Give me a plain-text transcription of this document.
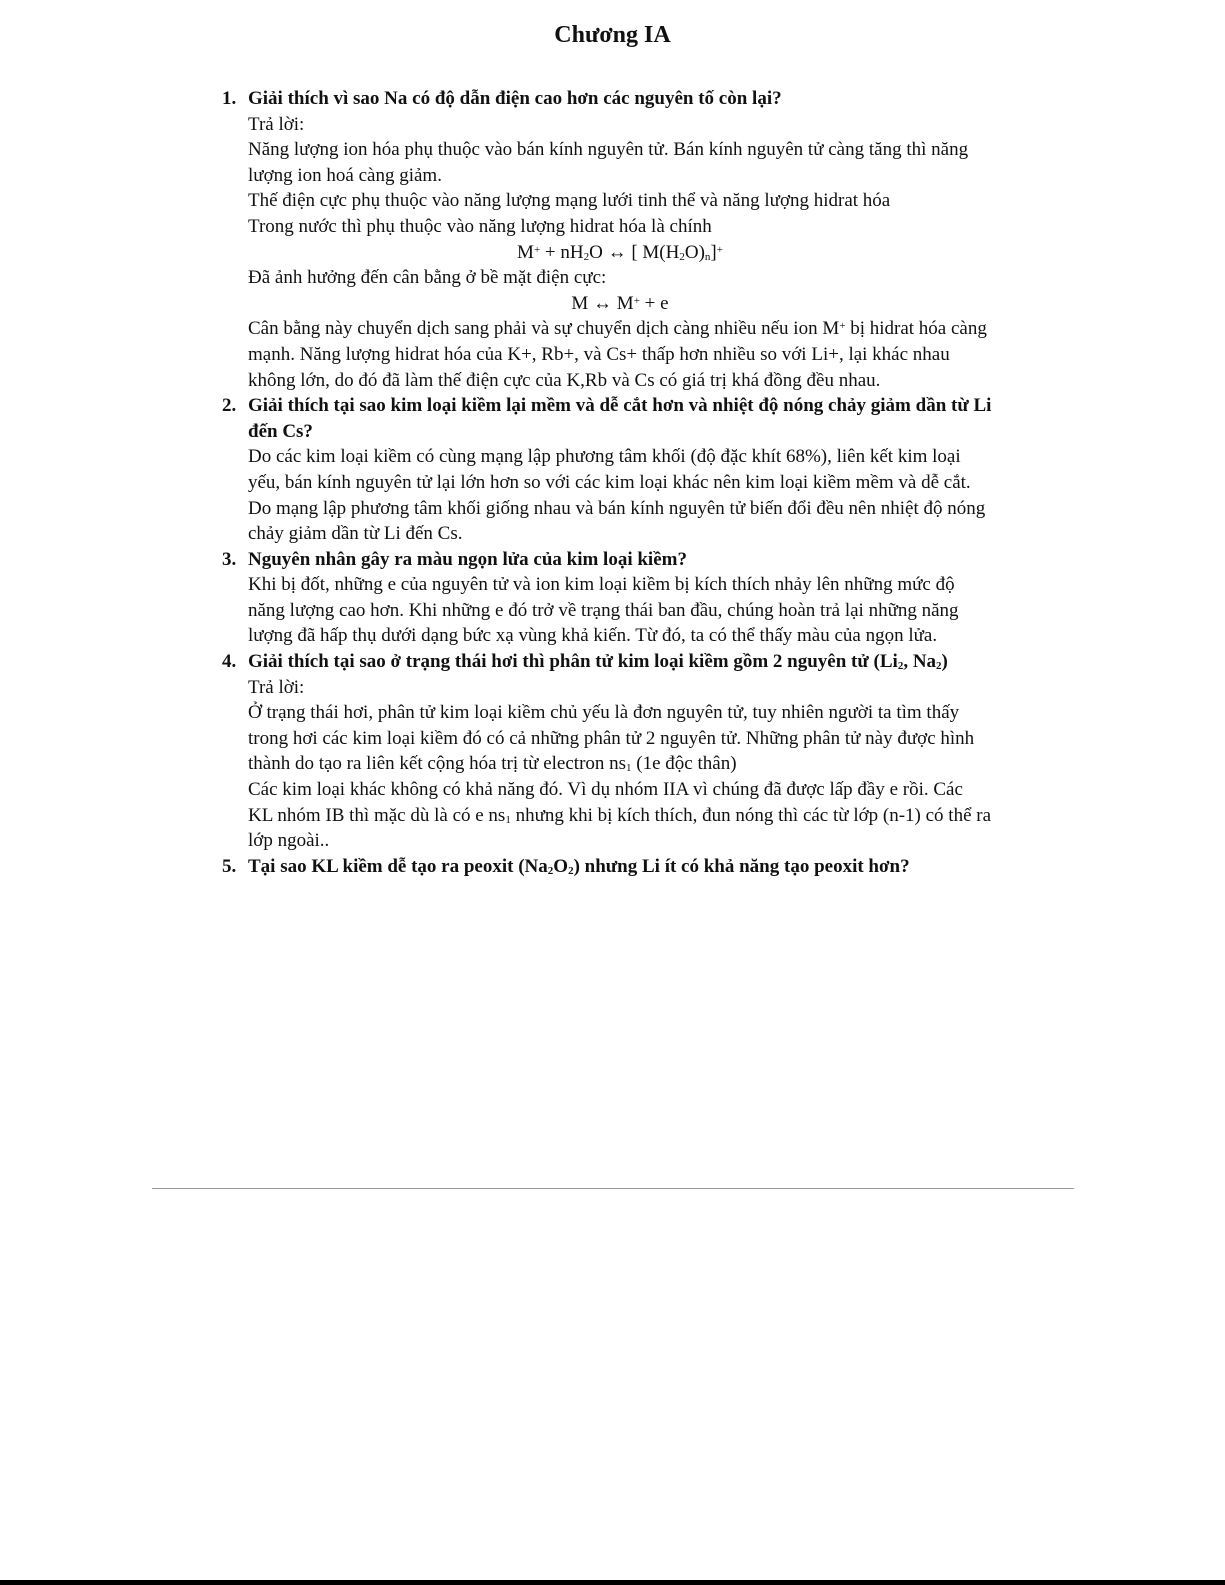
Chương IA
1. Giải thích vì sao Na có độ dẫn điện cao hơn các nguyên tố còn lại?
Trả lời:
Năng lượng ion hóa phụ thuộc vào bán kính nguyên tử. Bán kính nguyên tử càng tăng thì năng lượng ion hoá càng giảm.
Thế điện cực phụ thuộc vào năng lượng mạng lưới tinh thể và năng lượng hidrat hóa
Trong nước thì phụ thuộc vào năng lượng hidrat hóa là chính
$M^+ + nH_2O$ ↔ [ $M(H_2O)_n]^+$
Đã ảnh hưởng đến cân bằng ở bề mặt điện cực:
M ↔ M+ + e
Cân bằng này chuyển dịch sang phải và sự chuyển dịch càng nhiều nếu ion M+ bị hidrat hóa càng mạnh. Năng lượng hidrat hóa của K+, Rb+, và Cs+ thấp hơn nhiều so với Li+, lại khác nhau không lớn, do đó đã làm thế điện cực của K,Rb và Cs có giá trị khá đồng đều nhau.
2. Giải thích tại sao kim loại kiềm lại mềm và dễ cắt hơn và nhiệt độ nóng chảy giảm dần từ Li đến Cs?
Do các kim loại kiềm có cùng mạng lập phương tâm khối (độ đặc khít 68%), liên kết kim loại yếu, bán kính nguyên tử lại lớn hơn so với các kim loại khác nên kim loại kiềm mềm và dễ cắt.
Do mạng lập phương tâm khối giống nhau và bán kính nguyên tử biến đổi đều nên nhiệt độ nóng chảy giảm dần từ Li đến Cs.
3. Nguyên nhân gây ra màu ngọn lửa của kim loại kiềm?
Khi bị đốt, những e của nguyên tử và ion kim loại kiềm bị kích thích nhảy lên những mức độ năng lượng cao hơn. Khi những e đó trở về trạng thái ban đầu, chúng hoàn trả lại những năng lượng đã hấp thụ dưới dạng bức xạ vùng khả kiến. Từ đó, ta có thể thấy màu của ngọn lửa.
4. Giải thích tại sao ở trạng thái hơi thì phân tử kim loại kiềm gồm 2 nguyên tử ($Li_2$, $Na_2$)
Trả lời:
Ở trạng thái hơi, phân tử kim loại kiềm chủ yếu là đơn nguyên tử, tuy nhiên người ta tìm thấy trong hơi các kim loại kiềm đó có cả những phân tử 2 nguyên tử. Những phân tử này được hình thành do tạo ra liên kết cộng hóa trị từ electron $ns_1$ (1e độc thân)
Các kim loại khác không có khả năng đó. Vì dụ nhóm IIA vì chúng đã được lấp đầy e rồi. Các KL nhóm IB thì mặc dù là có e $ns_1$ nhưng khi bị kích thích, đun nóng thì các từ lớp (n-1) có thể ra lớp ngoài..
5. Tại sao KL kiềm dễ tạo ra peoxit $(Na_2O_2)$ nhưng Li ít có khả năng tạo peoxit hơn?
